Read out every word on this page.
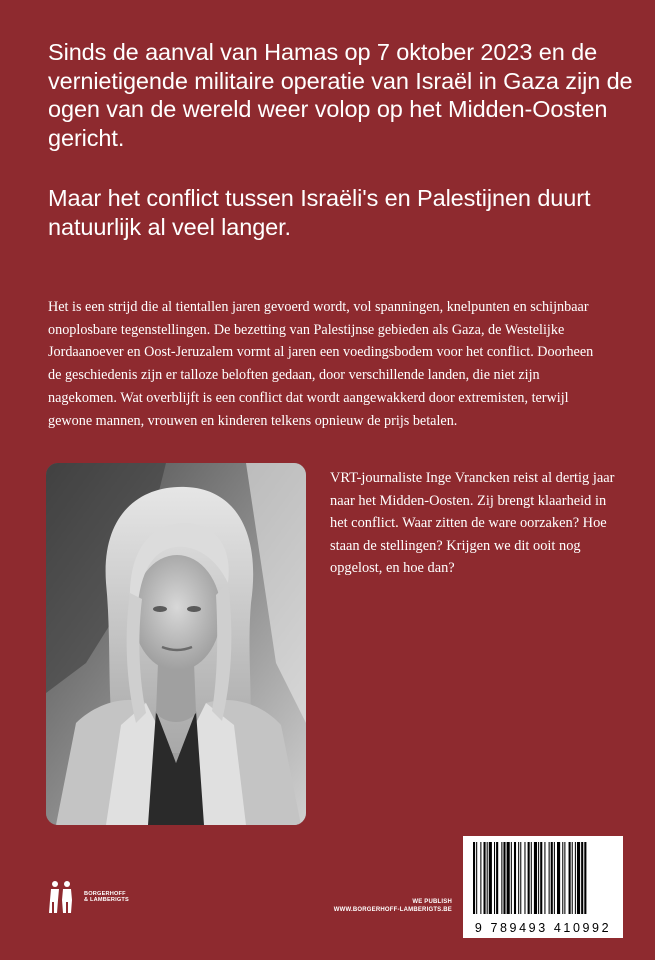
Sinds de aanval van Hamas op 7 oktober 2023 en de vernietigende militaire operatie van Israël in Gaza zijn de ogen van de wereld weer volop op het Midden-Oosten gericht.

Maar het conflict tussen Israëli's en Palestijnen duurt natuurlijk al veel langer.

Het is een strijd die al tientallen jaren gevoerd wordt, vol spanningen, knelpunten en schijnbaar onoplosbare tegenstellingen. De bezetting van Palestijnse gebieden als Gaza, de Westelijke Jordaanoever en Oost-Jeruzalem vormt al jaren een voedingsbodem voor het conflict. Doorheen de geschiedenis zijn er talloze beloften gedaan, door verschillende landen, die niet zijn nagekomen. Wat overblijft is een conflict dat wordt aangewakkerd door extremisten, terwijl gewone mannen, vrouwen en kinderen telkens opnieuw de prijs betalen.

VRT-journaliste Inge Vrancken reist al dertig jaar naar het Midden-Oosten. Zij brengt klaarheid in het conflict. Waar zitten de ware oorzaken? Hoe staan de stellingen? Krijgen we dit ooit nog opgelost, en hoe dan?

BORGERHOFF
& LAMBERIGTS	WE PUBLISH
WWW.BORGERHOFF-LAMBERIGTS.BE
9 789493 410992
